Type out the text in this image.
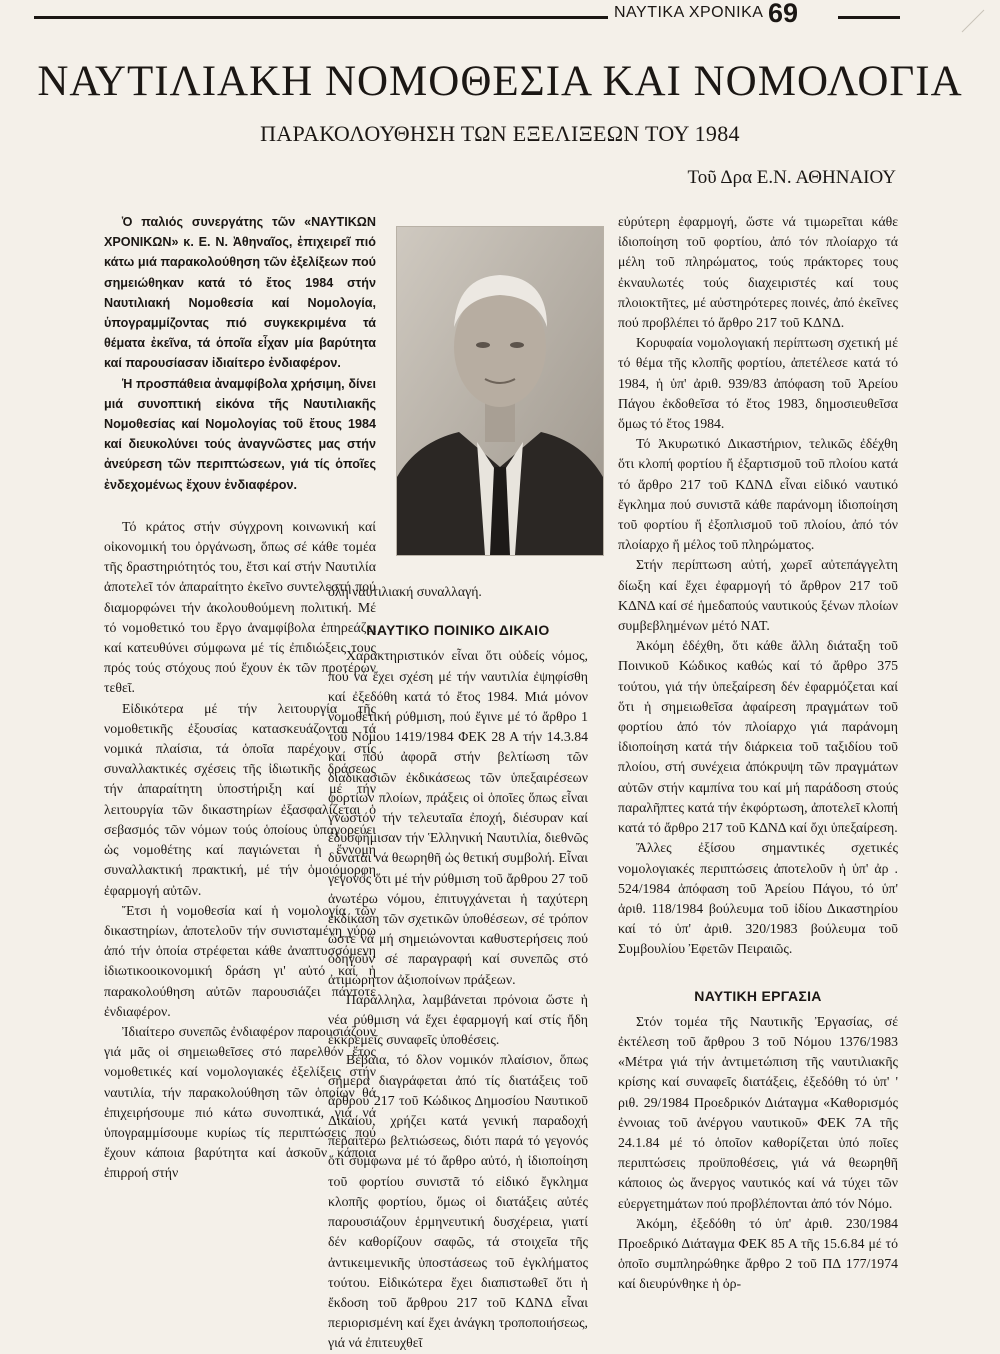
ΝΑΥΤΙΚΑ ΧΡΟΝΙΚΑ 69
ΝΑΥΤΙΛΙΑΚΗ ΝΟΜΟΘΕΣΙΑ ΚΑΙ ΝΟΜΟΛΟΓΙΑ
ΠΑΡΑΚΟΛΟΥΘΗΣΗ ΤΩΝ ΕΞΕΛΙΞΕΩΝ ΤΟΥ 1984
Τοῦ Δρα Ε.Ν. ΑΘΗΝΑΙΟΥ

Ὁ παλιός συνεργάτης τῶν «ΝΑΥΤΙΚΩΝ ΧΡΟΝΙΚΩΝ» κ. Ε. Ν. Ἀθηναῖος, ἐπιχειρεῖ πιό κάτω μιά παρακολούθηση τῶν ἐξελίξεων πού σημειώθηκαν κατά τό ἔτος 1984 στήν Ναυτιλιακή Νομοθεσία καί Νομολογία, ὑπογραμμίζοντας πιό συγκεκριμένα τά θέματα ἐκεῖνα, τά ὁποῖα εἶχαν μία βαρύτητα καί παρουσίασαν ἰδιαίτερο ἐνδιαφέρον.

Ἡ προσπάθεια ἀναμφίβολα χρήσιμη, δίνει μιά συνοπτική εἰκόνα τῆς Ναυτιλιακῆς Νομοθεσίας καί Νομολογίας τοῦ ἔτους 1984 καί διευκολύνει τούς ἀναγνῶστες μας στήν ἀνεύρεση τῶν περιπτώσεων, γιά τίς ὁποῖες ἐνδεχομένως ἔχουν ἐνδιαφέρον.

Τό κράτος στήν σύγχρονη κοινωνική καί οἰκονομική του ὀργάνωση, ὅπως σέ κάθε τομέα τῆς δραστηριότητός του, ἔτσι καί στήν Ναυτιλία ἀποτελεῖ τόν ἀπαραίτητο ἐκεῖνο συντελεστή πού διαμορφώνει τήν ἀκολουθούμενη πολιτική. Μέ τό νομοθετικό του ἔργο ἀναμφίβολα ἐπηρεάζει καί κατευθύνει σύμφωνα μέ τίς ἐπιδιώξεις τους πρός τούς στόχους πού ἔχουν ἐκ τῶν προτέρων τεθεῖ.

Εἰδικότερα μέ τήν λειτουργία τῆς νομοθετικῆς ἐξουσίας κατασκευάζονται τά νομικά πλαίσια, τά ὁποῖα παρέχουν στίς συναλλακτικές σχέσεις τῆς ἰδιωτικῆς δράσεως τήν ἀπαραίτητη ὑποστήριξη καί μέ τήν λειτουργία τῶν δικαστηρίων ἐξασφαλίζεται ὁ σεβασμός τῶν νόμων τούς ὁποίους ὑπαγορεύει ὡς νομοθέτης καί παγιώνεται ἡ ἔννομη συναλλακτική πρακτική, μέ τήν ὁμοιόμορφη ἐφαρμογή αὐτῶν.

Ἔτσι ἡ νομοθεσία καί ἡ νομολογία τῶν δικαστηρίων, ἀποτελοῦν τήν συνισταμένη γύρω ἀπό τήν ὁποία στρέφεται κάθε ἀναπτυσσόμενη ἰδιωτικοοικονομική δράση γι' αὐτό καί ἡ παρακολούθηση αὐτῶν παρουσιάζει πάντοτε ἐνδιαφέρον.

Ἰδιαίτερο συνεπῶς ἐνδιαφέρον παρουσιάζουν γιά μᾶς οἱ σημειωθεῖσες στό παρελθόν ἔτος νομοθετικές καί νομολογιακές ἐξελίξεις στήν ναυτιλία, τήν παρακολούθηση τῶν ὁποίων θά ἐπιχειρήσουμε πιό κάτω συνοπτικά, γιά νά ὑπογραμμίσουμε κυρίως τίς περιπτώσεις πού ἔχουν κάποια βαρύτητα καί ἀσκοῦν κάποια ἐπιρροή στήν

ὅλη ναυτιλιακή συναλλαγή.

ΝΑΥΤΙΚΟ ΠΟΙΝΙΚΟ ΔΙΚΑΙΟ

Χαρακτηριστικόν εἶναι ὅτι οὐδείς νόμος, πού νά ἔχει σχέση μέ τήν ναυτιλία ἐψηφίσθη καί ἐξεδόθη κατά τό ἔτος 1984. Μιά μόνον νομοθετική ρύθμιση, πού ἔγινε μέ τό ἄρθρο 1 τοῦ Νόμου 1419/1984 ΦΕΚ 28 Α τήν 14.3.84 καί πού ἀφορᾶ στήν βελτίωση τῶν διαδικασιῶν ἐκδικάσεως τῶν ὑπεξαιρέσεων φορτίων πλοίων, πράξεις οἱ ὁποῖες ὅπως εἶναι γνωστόν τήν τελευταῖα ἐποχή, διέσυραν καί ἐδυσφήμισαν τήν Ἑλληνική Ναυτιλία, διεθνῶς δύναται νά θεωρηθῆ ὡς θετική συμβολή. Εἶναι γεγονός ὅτι μέ τήν ρύθμιση τοῦ ἄρθρου 27 τοῦ ἀνωτέρω νόμου, ἐπιτυγχάνεται ἡ ταχύτερη ἐκδίκαση τῶν σχετικῶν ὑποθέσεων, σέ τρόπον ὥστε νά μή σημειώνονται καθυστερήσεις πού ὁδηγοῦν σέ παραγραφή καί συνεπῶς στό ἀτιμώρητον ἀξιοποίνων πράξεων.

Παράλληλα, λαμβάνεται πρόνοια ὥστε ἡ νέα ρύθμιση νά ἔχει ἐφαρμογή καί στίς ἤδη ἐκκρεμεῖς συναφεῖς ὑποθέσεις.

Βέβαια, τό δλον νομικόν πλαίσιον, ὅπως σήμερα διαγράφεται ἀπό τίς διατάξεις τοῦ ἄρθρου 217 τοῦ Κώδικος Δημοσίου Ναυτικοῦ Δικαίου, χρήζει κατά γενική παραδοχή περαιτέρω βελτιώσεως, διότι παρά τό γεγονός ὅτι σύμφωνα μέ τό ἄρθρο αὐτό, ἡ ἰδιοποίηση τοῦ φορτίου συνιστᾶ τό εἰδικό ἔγκλημα κλοπῆς φορτίου, ὅμως οἱ διατάξεις αὐτές παρουσιάζουν ἑρμηνευτική δυσχέρεια, γιατί δέν καθορίζουν σαφῶς, τά στοιχεῖα τῆς ἀντικειμενικῆς ὑποστάσεως τοῦ ἐγκλήματος τούτου. Εἰδικώτερα ἔχει διαπιστωθεῖ ὅτι ἡ ἔκδοση τοῦ ἄρθρου 217 τοῦ ΚΔΝΔ εἶναι περιορισμένη καί ἔχει ἀνάγκη τροποποιήσεως, γιά νά ἐπιτευχθεῖ

εὐρύτερη ἐφαρμογή, ὥστε νά τιμωρεῖται κάθε ἰδιοποίηση τοῦ φορτίου, ἀπό τόν πλοίαρχο τά μέλη τοῦ πληρώματος, τούς πράκτορες τους ἐκναυλωτές τούς διαχειριστές καί τους πλοιοκτῆτες, μέ αὐστηρότερες ποινές, ἀπό ἐκεῖνες πού προβλέπει τό ἄρθρο 217 τοῦ ΚΔΝΔ.

Κορυφαία νομολογιακή περίπτωση σχετική μέ τό θέμα τῆς κλοπῆς φορτίου, ἀπετέλεσε κατά τό 1984, ἡ ὑπ' ἀριθ. 939/83 ἀπόφαση τοῦ Ἀρείου Πάγου ἐκδοθεῖσα τό ἔτος 1983, δημοσιευθεῖσα ὅμως τό ἔτος 1984.

Τό Ἀκυρωτικό Δικαστήριον, τελικῶς ἐδέχθη ὅτι κλοπή φορτίου ἤ ἐξαρτισμοῦ τοῦ πλοίου κατά τό ἄρθρο 217 τοῦ ΚΔΝΔ εἶναι εἰδικό ναυτικό ἔγκλημα πού συνιστᾶ κάθε παράνομη ἰδιοποίηση τοῦ φορτίου ἤ ἐξοπλισμοῦ τοῦ πλοίου, ἀπό τόν πλοίαρχο ἤ μέλος τοῦ πληρώματος.

Στήν περίπτωση αὐτή, χωρεῖ αὐτεπάγγελτη δίωξη καί ἔχει ἐφαρμογή τό ἄρθρον 217 τοῦ ΚΔΝΔ καί σέ ἡμεδαπούς ναυτικούς ξένων πλοίων συμβεβλημένων μέτό ΝΑΤ.

Ἀκόμη ἐδέχθη, ὅτι κάθε ἄλλη διάταξη τοῦ Ποινικοῦ Κώδικος καθώς καί τό ἄρθρο 375 τούτου, γιά τήν ὑπεξαίρεση δέν ἐφαρμόζεται καί ὅτι ἡ σημειωθεῖσα ἀφαίρεση πραγμάτων τοῦ φορτίου ἀπό τόν πλοίαρχο γιά παράνομη ἰδιοποίηση κατά τήν διάρκεια τοῦ ταξιδίου τοῦ πλοίου, στή συνέχεια ἀπόκρυψη τῶν πραγμάτων αὐτῶν στήν καμπίνα του καί μή παράδοση στούς παραλῆπτες κατά τήν ἐκφόρτωση, ἀποτελεῖ κλοπή κατά τό ἄρθρο 217 τοῦ ΚΔΝΔ καί ὄχι ὑπεξαίρεση.

Ἄλλες ἐξίσου σημαντικές σχετικές νομολογιακές περιπτώσεις ἀποτελοῦν ἡ ὑπ' ἀρ . 524/1984 ἀπόφαση τοῦ Ἀρείου Πάγου, τό ὑπ' ἀριθ. 118/1984 βούλευμα τοῦ ἰδίου Δικαστηρίου καί τό ὑπ' ἀριθ. 320/1983 βούλευμα τοῦ Συμβουλίου Ἐφετῶν Πειραιῶς.

ΝΑΥΤΙΚΗ ΕΡΓΑΣΙΑ

Στόν τομέα τῆς Ναυτικῆς Ἐργασίας, σέ ἐκτέλεση τοῦ ἄρθρου 3 τοῦ Νόμου 1376/1983 «Μέτρα γιά τήν ἀντιμετώπιση τῆς ναυτιλιακῆς κρίσης καί συναφεῖς διατάξεις, ἐξεδόθη τό ὑπ' ' ριθ. 29/1984 Προεδρικόν Διάταγμα «Καθορισμός ἐννοιας τοῦ ἀνέργου ναυτικοῦ» ΦΕΚ 7Α τῆς 24.1.84 μέ τό ὁποῖον καθορίζεται ὑπό ποῖες περιπτώσεις προϋποθέσεις, γιά νά θεωρηθῆ κάποιος ὡς ἄνεργος ναυτικός καί νά τύχει τῶν εὐεργετημάτων πού προβλέπονται ἀπό τόν Νόμο.

Ἀκόμη, ἐξεδόθη τό ὑπ' ἀριθ. 230/1984 Προεδρικό Διάταγμα ΦΕΚ 85 Α τῆς 15.6.84 μέ τό ὁποῖο συμπληρώθηκε ἄρθρο 2 τοῦ ΠΔ 177/1974 καί διευρύνθηκε ἡ ὀρ-
